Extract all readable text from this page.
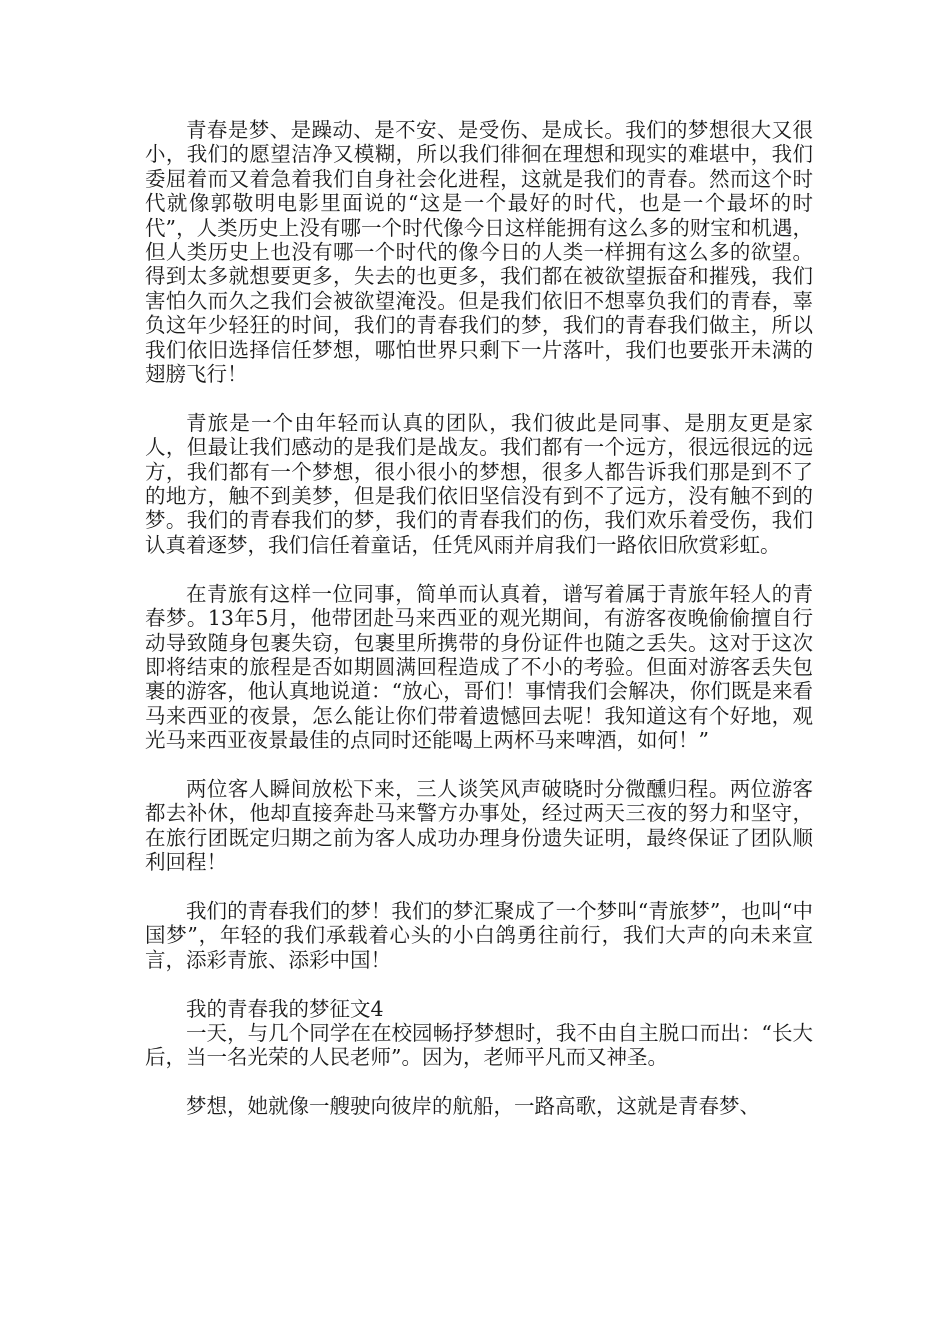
青春是梦、是躁动、是不安、是受伤、是成长。我们的梦想很大又很小，我们的愿望洁净又模糊，所以我们徘徊在理想和现实的难堪中，我们委屈着而又着急着我们自身社会化进程，这就是我们的青春。然而这个时代就像郭敬明电影里面说的“这是一个最好的时代，也是一个最坏的时代”，人类历史上没有哪一个时代像今日这样能拥有这么多的财宝和机遇，但人类历史上也没有哪一个时代的像今日的人类一样拥有这么多的欲望。得到太多就想要更多，失去的也更多，我们都在被欲望振奋和摧残，我们害怕久而久之我们会被欲望淹没。但是我们依旧不想辜负我们的青春，辜负这年少轻狂的时间，我们的青春我们的梦，我们的青春我们做主，所以我们依旧选择信任梦想，哪怕世界只剩下一片落叶，我们也要张开未满的翅膀飞行！

青旅是一个由年轻而认真的团队，我们彼此是同事、是朋友更是家人，但最让我们感动的是我们是战友。我们都有一个远方，很远很远的远方，我们都有一个梦想，很小很小的梦想，很多人都告诉我们那是到不了的地方，触不到美梦，但是我们依旧坚信没有到不了远方，没有触不到的梦。我们的青春我们的梦，我们的青春我们的伤，我们欢乐着受伤，我们认真着逐梦，我们信任着童话，任凭风雨并肩我们一路依旧欣赏彩虹。

在青旅有这样一位同事，简单而认真着，谱写着属于青旅年轻人的青春梦。13年5月，他带团赴马来西亚的观光期间，有游客夜晚偷偷擅自行动导致随身包裹失窃，包裹里所携带的身份证件也随之丢失。这对于这次即将结束的旅程是否如期圆满回程造成了不小的考验。但面对游客丢失包裹的游客，他认真地说道：“放心，哥们！事情我们会解决，你们既是来看马来西亚的夜景，怎么能让你们带着遗憾回去呢！我知道这有个好地，观光马来西亚夜景最佳的点同时还能喝上两杯马来啤酒，如何！”

两位客人瞬间放松下来，三人谈笑风声破晓时分微醺归程。两位游客都去补休，他却直接奔赴马来警方办事处，经过两天三夜的努力和坚守，在旅行团既定归期之前为客人成功办理身份遗失证明，最终保证了团队顺利回程！

我们的青春我们的梦！我们的梦汇聚成了一个梦叫“青旅梦”，也叫“中国梦”，年轻的我们承载着心头的小白鸽勇往前行，我们大声的向未来宣言，添彩青旅、添彩中国！

我的青春我的梦征文4

一天，与几个同学在在校园畅抒梦想时，我不由自主脱口而出：“长大后，当一名光荣的人民老师”。因为，老师平凡而又神圣。

梦想，她就像一艘驶向彼岸的航船，一路高歌，这就是青春梦、
